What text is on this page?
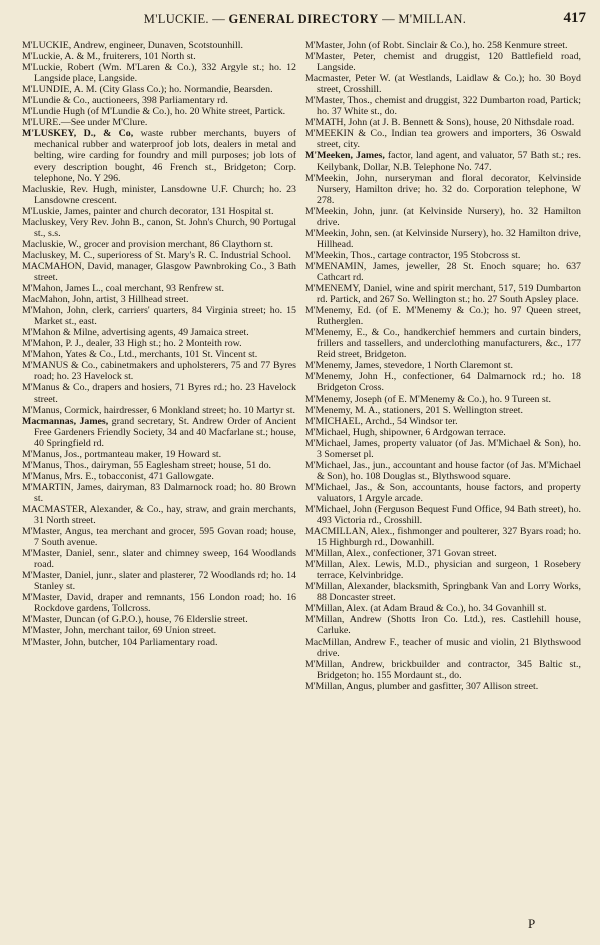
M'LUCKIE. — GENERAL DIRECTORY — M'MILLAN.	417

M'LUCKIE, Andrew, engineer, Dunaven, Scotstounhill.

M'Luckie, A. & M., fruiterers, 101 North st.

M'Luckie, Robert (Wm. M'Laren & Co.), 332 Argyle st.; ho. 12 Langside place, Langside.

M'LUNDIE, A. M. (City Glass Co.); ho. Normandie, Bearsden.

M'Lundie & Co., auctioneers, 398 Parliamentary rd.

M'Lundie Hugh (of M'Lundie & Co.), ho. 20 White street, Partick.

M'LURE.—See under M'Clure.

M'LUSKEY, D., & Co, waste rubber merchants, buyers of mechanical rubber and waterproof job lots, dealers in metal and belting, wire carding for foundry and mill purposes; job lots of every description bought, 46 French st., Bridgeton; Corp. telephone, No. Y 296.

Macluskie, Rev. Hugh, minister, Lansdowne U.F. Church; ho. 23 Lansdowne crescent.

M'Luskie, James, painter and church decorator, 131 Hospital st.

Macluskey, Very Rev. John B., canon, St. John's Church, 90 Portugal st., s.s.

Macluskie, W., grocer and provision merchant, 86 Claythorn st.

Macluskey, M. C., superioress of St. Mary's R. C. Industrial School.

MACMAHON, David, manager, Glasgow Pawnbroking Co., 3 Bath street.

M'Mahon, James L., coal merchant, 93 Renfrew st.

MacMahon, John, artist, 3 Hillhead street.

M'Mahon, John, clerk, carriers' quarters, 84 Virginia street; ho. 15 Market st., east.

M'Mahon & Milne, advertising agents, 49 Jamaica street.

M'Mahon, P. J., dealer, 33 High st.; ho. 2 Monteith row.

M'Mahon, Yates & Co., Ltd., merchants, 101 St. Vincent st.

M'MANUS & Co., cabinetmakers and upholsterers, 75 and 77 Byres road; ho. 23 Havelock st.

M'Manus & Co., drapers and hosiers, 71 Byres rd.; ho. 23 Havelock street.

M'Manus, Cormick, hairdresser, 6 Monkland street; ho. 10 Martyr st.

Macmannas, James, grand secretary, St. Andrew Order of Ancient Free Gardeners Friendly Society, 34 and 40 Macfarlane st.; house, 40 Springfield rd.

M'Manus, Jos., portmanteau maker, 19 Howard st.

M'Manus, Thos., dairyman, 55 Eaglesham street; house, 51 do.

M'Manus, Mrs. E., tobacconist, 471 Gallowgate.

M'MARTIN, James, dairyman, 83 Dalmarnock road; ho. 80 Brown st.

MACMASTER, Alexander, & Co., hay, straw, and grain merchants, 31 North street.

M'Master, Angus, tea merchant and grocer, 595 Govan road; house, 7 South avenue.

M'Master, Daniel, senr., slater and chimney sweep, 164 Woodlands road.

M'Master, Daniel, junr., slater and plasterer, 72 Woodlands rd; ho. 14 Stanley st.

M'Master, David, draper and remnants, 156 London road; ho. 16 Rockdove gardens, Tollcross.

M'Master, Duncan (of G.P.O.), house, 76 Elderslie street.

M'Master, John, merchant tailor, 69 Union street.

M'Master, John, butcher, 104 Parliamentary road.

M'Master, John (of Robt. Sinclair & Co.), ho. 258 Kenmure street.

M'Master, Peter, chemist and druggist, 120 Battlefield road, Langside.

Macmaster, Peter W. (at Westlands, Laidlaw & Co.); ho. 30 Boyd street, Crosshill.

M'Master, Thos., chemist and druggist, 322 Dumbarton road, Partick; ho. 37 White st., do.

M'MATH, John (at J. B. Bennett & Sons), house, 20 Nithsdale road.

M'MEEKIN & Co., Indian tea growers and importers, 36 Oswald street, city.

M'Meeken, James, factor, land agent, and valuator, 57 Bath st.; res. Keilybank, Dollar, N.B. Telephone No. 747.

M'Meekin, John, nurseryman and floral decorator, Kelvinside Nursery, Hamilton drive; ho. 32 do. Corporation telephone, W 278.

M'Meekin, John, junr. (at Kelvinside Nursery), ho. 32 Hamilton drive.

M'Meekin, John, sen. (at Kelvinside Nursery), ho. 32 Hamilton drive, Hillhead.

M'Meekin, Thos., cartage contractor, 195 Stobcross st.

M'MENAMIN, James, jeweller, 28 St. Enoch square; ho. 637 Cathcart rd.

M'MENEMY, Daniel, wine and spirit merchant, 517, 519 Dumbarton rd. Partick, and 267 So. Wellington st.; ho. 27 South Apsley place.

M'Menemy, Ed. (of E. M'Menemy & Co.); ho. 97 Queen street, Rutherglen.

M'Menemy, E., & Co., handkerchief hemmers and curtain binders, frillers and tassellers, and underclothing manufacturers, &c., 177 Reid street, Bridgeton.

M'Menemy, James, stevedore, 1 North Claremont st.

M'Menemy, John H., confectioner, 64 Dalmarnock rd.; ho. 18 Bridgeton Cross.

M'Menemy, Joseph (of E. M'Menemy & Co.), ho. 9 Tureen st.

M'Menemy, M. A., stationers, 201 S. Wellington street.

M'MICHAEL, Archd., 54 Windsor ter.

M'Michael, Hugh, shipowner, 6 Ardgowan terrace.

M'Michael, James, property valuator (of Jas. M'Michael & Son), ho. 3 Somerset pl.

M'Michael, Jas., jun., accountant and house factor (of Jas. M'Michael & Son), ho. 108 Douglas st., Blythswood square.

M'Michael, Jas., & Son, accountants, house factors, and property valuators, 1 Argyle arcade.

M'Michael, John (Ferguson Bequest Fund Office, 94 Bath street), ho. 493 Victoria rd., Crosshill.

MACMILLAN, Alex., fishmonger and poulterer, 327 Byars road; ho. 15 Highburgh rd., Dowanhill.

M'Millan, Alex., confectioner, 371 Govan street.

M'Millan, Alex. Lewis, M.D., physician and surgeon, 1 Rosebery terrace, Kelvinbridge.

M'Millan, Alexander, blacksmith, Springbank Van and Lorry Works, 88 Doncaster street.

M'Millan, Alex. (at Adam Braud & Co.), ho. 34 Govanhill st.

M'Millan, Andrew (Shotts Iron Co. Ltd.), res. Castlehill house, Carluke.

MacMillan, Andrew F., teacher of music and violin, 21 Blythswood drive.

M'Millan, Andrew, brickbuilder and contractor, 345 Baltic st., Bridgeton; ho. 155 Mordaunt st., do.

M'Millan, Angus, plumber and gasfitter, 307 Allison street.

P
